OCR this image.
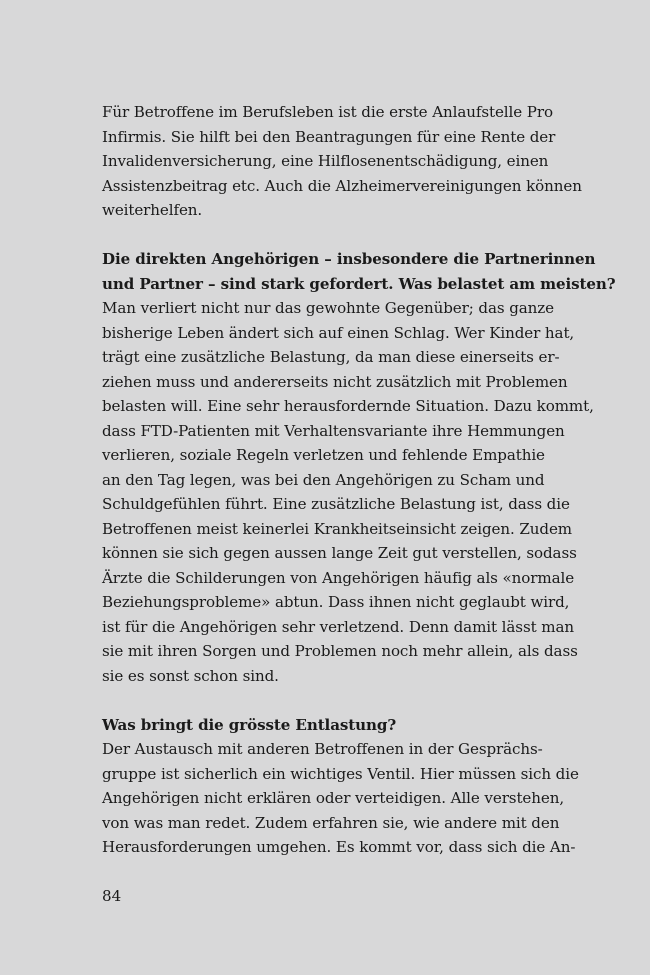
Für Betroffene im Berufsleben ist die erste Anlaufstelle Pro
Infirmis. Sie hilft bei den Beantragungen für eine Rente der
Invalidenversicherung, eine Hilflosenentschädigung, einen
Assistenzbeitrag etc. Auch die Alzheimervereinigungen können
weiterhelfen.
Die direkten Angehörigen – insbesondere die Partnerinnen
und Partner – sind stark gefordert. Was belastet am meisten?
Man verliert nicht nur das gewohnte Gegenüber; das ganze
bisherige Leben ändert sich auf einen Schlag. Wer Kinder hat,
trägt eine zusätzliche Belastung, da man diese einerseits er-
ziehen muss und andererseits nicht zusätzlich mit Problemen
belasten will. Eine sehr herausfordernde Situation. Dazu kommt,
dass FTD-Patienten mit Verhaltensvariante ihre Hemmungen
verlieren, soziale Regeln verletzen und fehlende Empathie
an den Tag legen, was bei den Angehörigen zu Scham und
Schuldgefühlen führt. Eine zusätzliche Belastung ist, dass die
Betroffenen meist keinerlei Krankheitseinsicht zeigen. Zudem
können sie sich gegen aussen lange Zeit gut verstellen, sodass
Ärzte die Schilderungen von Angehörigen häufig als «normale
Beziehungsprobleme» abtun. Dass ihnen nicht geglaubt wird,
ist für die Angehörigen sehr verletzend. Denn damit lässt man
sie mit ihren Sorgen und Problemen noch mehr allein, als dass
sie es sonst schon sind.
Was bringt die grösste Entlastung?
Der Austausch mit anderen Betroffenen in der Gesprächs-
gruppe ist sicherlich ein wichtiges Ventil. Hier müssen sich die
Angehörigen nicht erklären oder verteidigen. Alle verstehen,
von was man redet. Zudem erfahren sie, wie andere mit den
Herausforderungen umgehen. Es kommt vor, dass sich die An-
84
